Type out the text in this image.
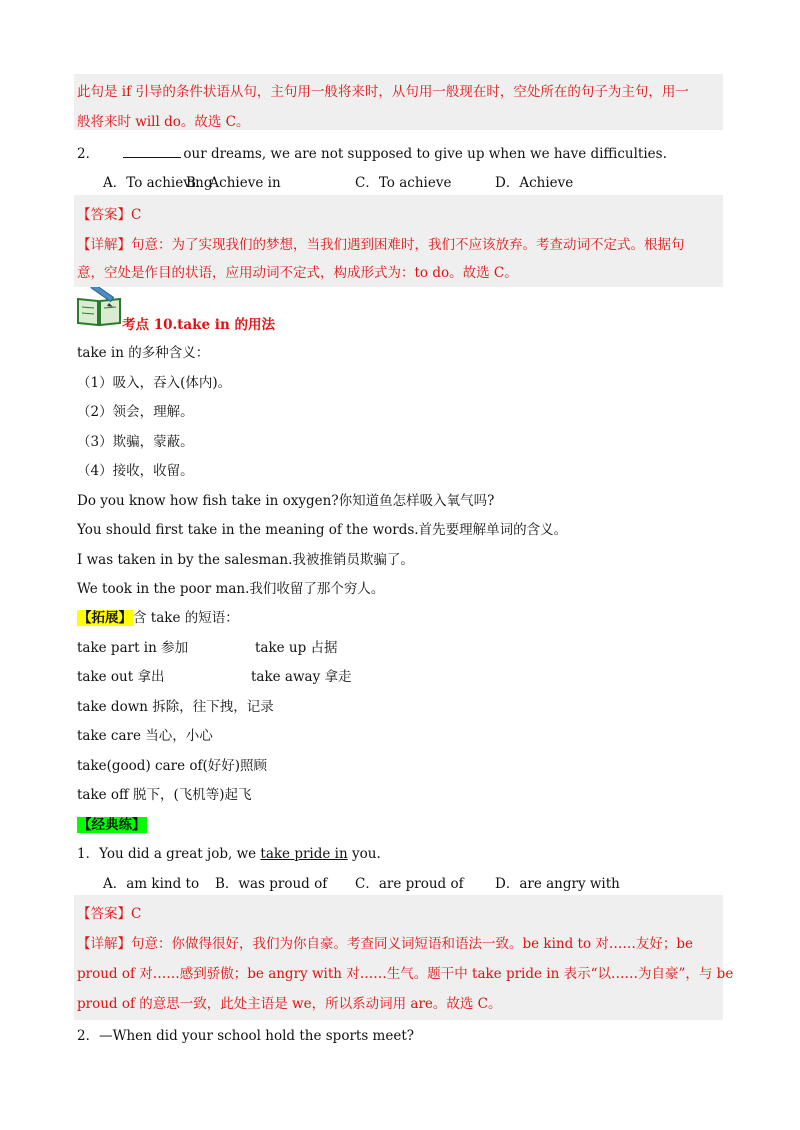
此句是 if 引导的条件状语从句，主句用一般将来时，从句用一般现在时，空处所在的句子为主句，用一
般将来时 will do。故选 C。
2．	our dreams, we are not supposed to give up when we have difficulties.
A．To achieving
B．Achieve in	C．To achieve	D．Achieve
【答案】C
【详解】句意：为了实现我们的梦想，当我们遇到困难时，我们不应该放弃。考查动词不定式。根据句
意，空处是作目的状语，应用动词不定式，构成形式为：to do。故选 C。
考点 10.take in 的用法
take in 的多种含义：
（1）吸入，吞入(体内)。
（2）领会，理解。
（3）欺骗，蒙蔽。
（4）接收，收留。
Do you know how fish take in oxygen?你知道鱼怎样吸入氧气吗?
You should first take in the meaning of the words.首先要理解单词的含义。
I was taken in by the salesman.我被推销员欺骗了。
We took in the poor man.我们收留了那个穷人。
【拓展】含 take 的短语：
take part in 参加	take up 占据
take out 拿出	take away 拿走
take down 拆除，往下拽，记录
take care 当心，小心
take(good) care of(好好)照顾
take off 脱下，(飞机等)起飞
【经典练】
1．You did a great job, we take pride in you.
A．am kind to B．was proud of C．are proud of D．are angry with
【答案】C
【详解】句意：你做得很好，我们为你自豪。考查同义词短语和语法一致。be kind to 对……友好；be
proud of 对……感到骄傲；be angry with 对……生气。题干中 take pride in 表示“以……为自豪”，与 be
proud of 的意思一致，此处主语是 we，所以系动词用 are。故选 C。
2．—When did your school hold the sports meet?
